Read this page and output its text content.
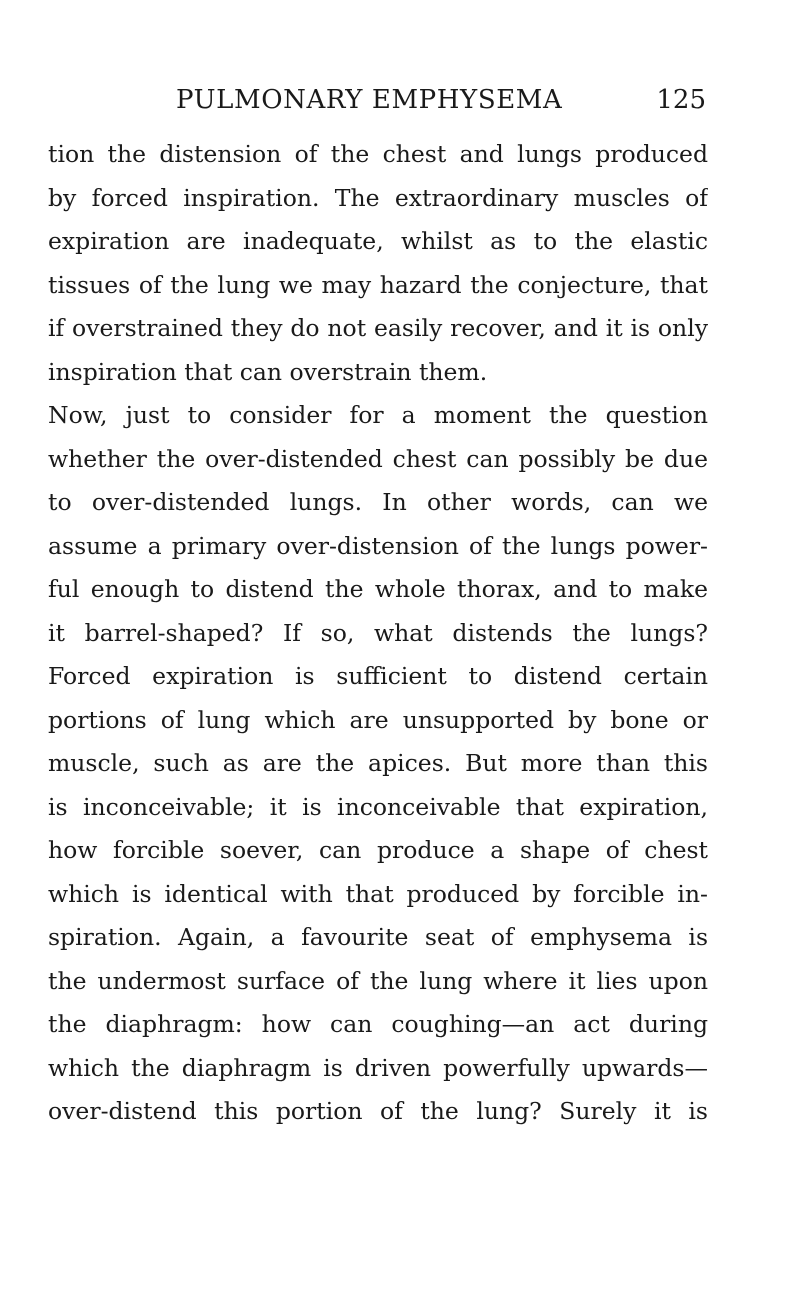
PULMONARY EMPHYSEMA	125
tion the distension of the chest and lungs produced
by forced inspiration. The extraordinary muscles of
expiration are inadequate, whilst as to the elastic
tissues of the lung we may hazard the conjecture, that
if overstrained they do not easily recover, and it is only
inspiration that can overstrain them.
Now, just to consider for a moment the question
whether the over-distended chest can possibly be due
to over-distended lungs. In other words, can we
assume a primary over-distension of the lungs power-
ful enough to distend the whole thorax, and to make
it barrel-shaped? If so, what distends the lungs?
Forced expiration is sufficient to distend certain
portions of lung which are unsupported by bone or
muscle, such as are the apices. But more than this
is inconceivable; it is inconceivable that expiration,
how forcible soever, can produce a shape of chest
which is identical with that produced by forcible in-
spiration. Again, a favourite seat of emphysema is
the undermost surface of the lung where it lies upon
the diaphragm: how can coughing—an act during
which the diaphragm is driven powerfully upwards—
over-distend this portion of the lung? Surely it is
